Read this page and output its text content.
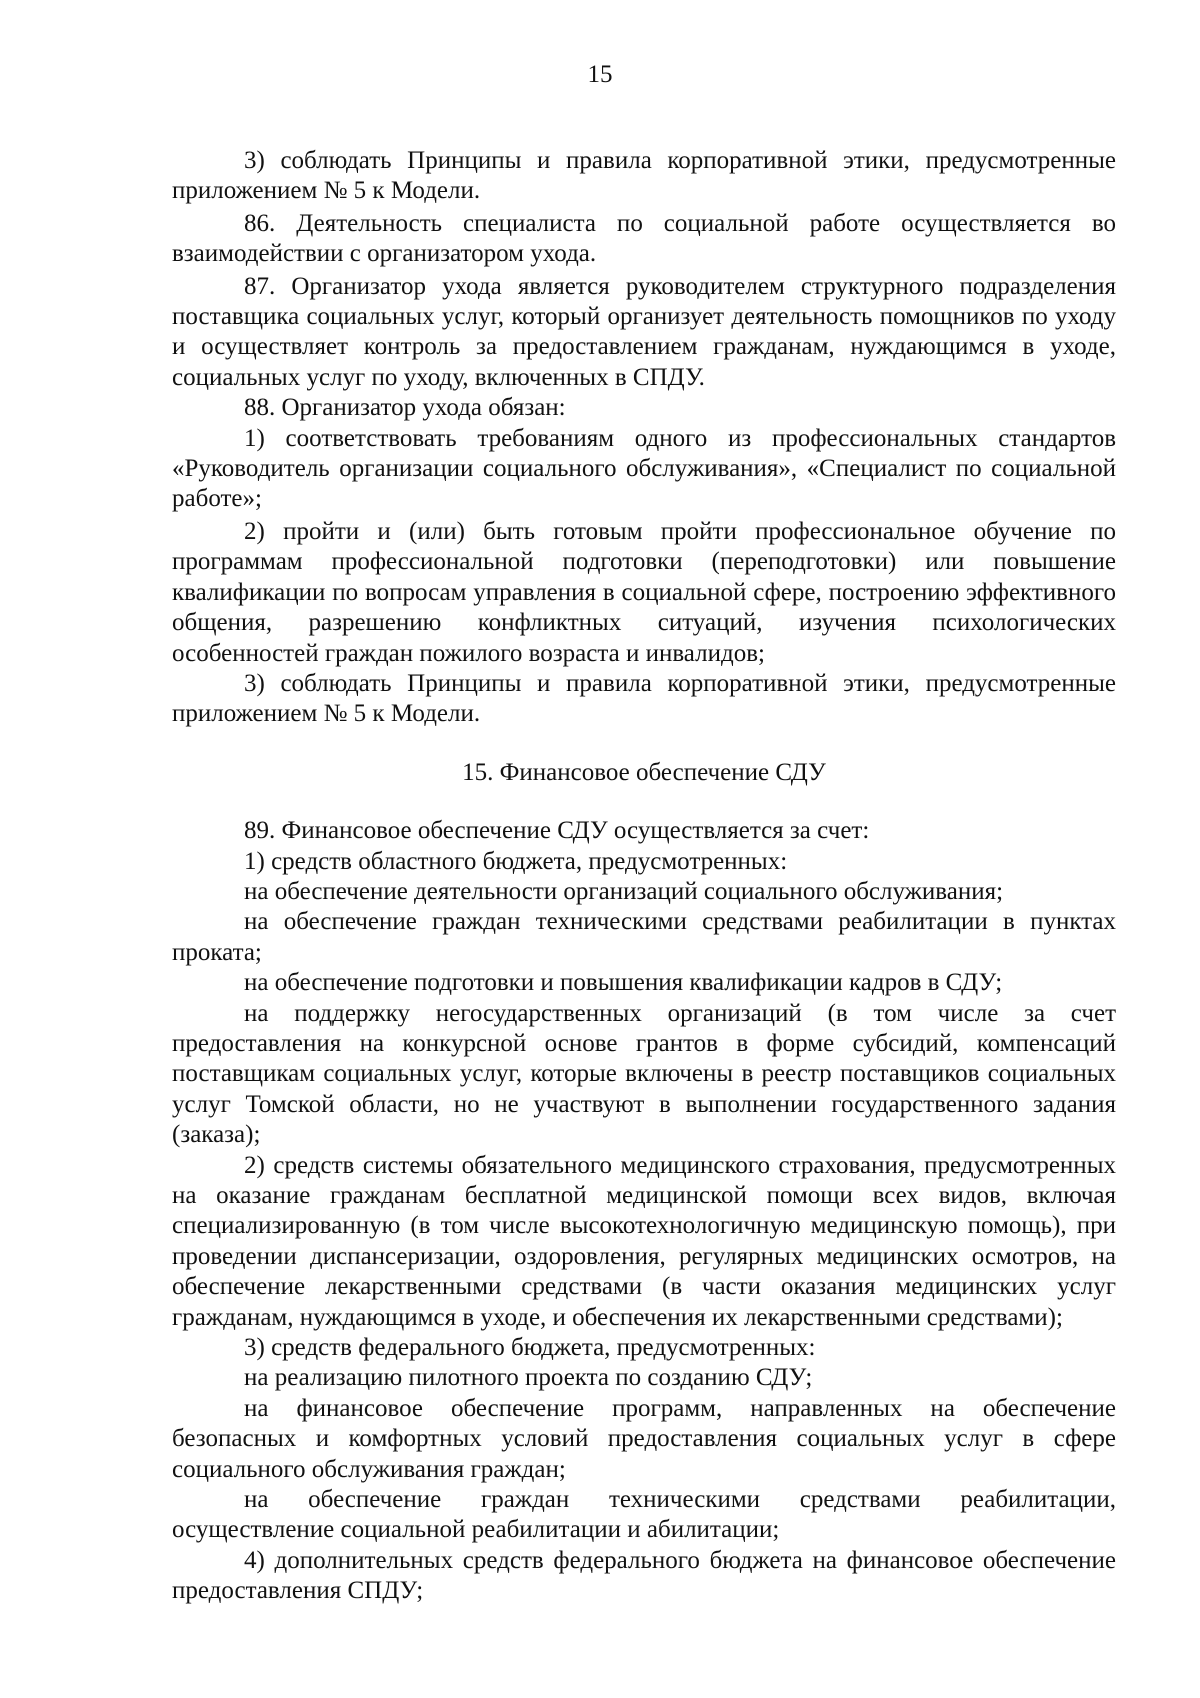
15

3) соблюдать Принципы и правила корпоративной этики, предусмотренные приложением № 5 к Модели.

86. Деятельность специалиста по социальной работе осуществляется во взаимодействии с организатором ухода.

87. Организатор ухода является руководителем структурного подразделения поставщика социальных услуг, который организует деятельность помощников по уходу и осуществляет контроль за предоставлением гражданам, нуждающимся в уходе, социальных услуг по уходу, включенных в СПДУ.

88. Организатор ухода обязан:

1) соответствовать требованиям одного из профессиональных стандартов «Руководитель организации социального обслуживания», «Специалист по социальной работе»;

2) пройти и (или) быть готовым пройти профессиональное обучение по программам профессиональной подготовки (переподготовки) или повышение квалификации по вопросам управления в социальной сфере, построению эффективного общения, разрешению конфликтных ситуаций, изучения психологических особенностей граждан пожилого возраста и инвалидов;

3) соблюдать Принципы и правила корпоративной этики, предусмотренные приложением № 5 к Модели.

15. Финансовое обеспечение СДУ

89. Финансовое обеспечение СДУ осуществляется за счет:

1) средств областного бюджета, предусмотренных:

на обеспечение деятельности организаций социального обслуживания;

на обеспечение граждан техническими средствами реабилитации в пунктах проката;

на обеспечение подготовки и повышения квалификации кадров в СДУ;

на поддержку негосударственных организаций (в том числе за счет предоставления на конкурсной основе грантов в форме субсидий, компенсаций поставщикам социальных услуг, которые включены в реестр поставщиков социальных услуг Томской области, но не участвуют в выполнении государственного задания (заказа);

2) средств системы обязательного медицинского страхования, предусмотренных на оказание гражданам бесплатной медицинской помощи всех видов, включая специализированную (в том числе высокотехнологичную медицинскую помощь), при проведении диспансеризации, оздоровления, регулярных медицинских осмотров, на обеспечение лекарственными средствами (в части оказания медицинских услуг гражданам, нуждающимся в уходе, и обеспечения их лекарственными средствами);

3) средств федерального бюджета, предусмотренных:

на реализацию пилотного проекта по созданию СДУ;

на финансовое обеспечение программ, направленных на обеспечение безопасных и комфортных условий предоставления социальных услуг в сфере социального обслуживания граждан;

на обеспечение граждан техническими средствами реабилитации, осуществление социальной реабилитации и абилитации;

4) дополнительных средств федерального бюджета на финансовое обеспечение предоставления СПДУ;
